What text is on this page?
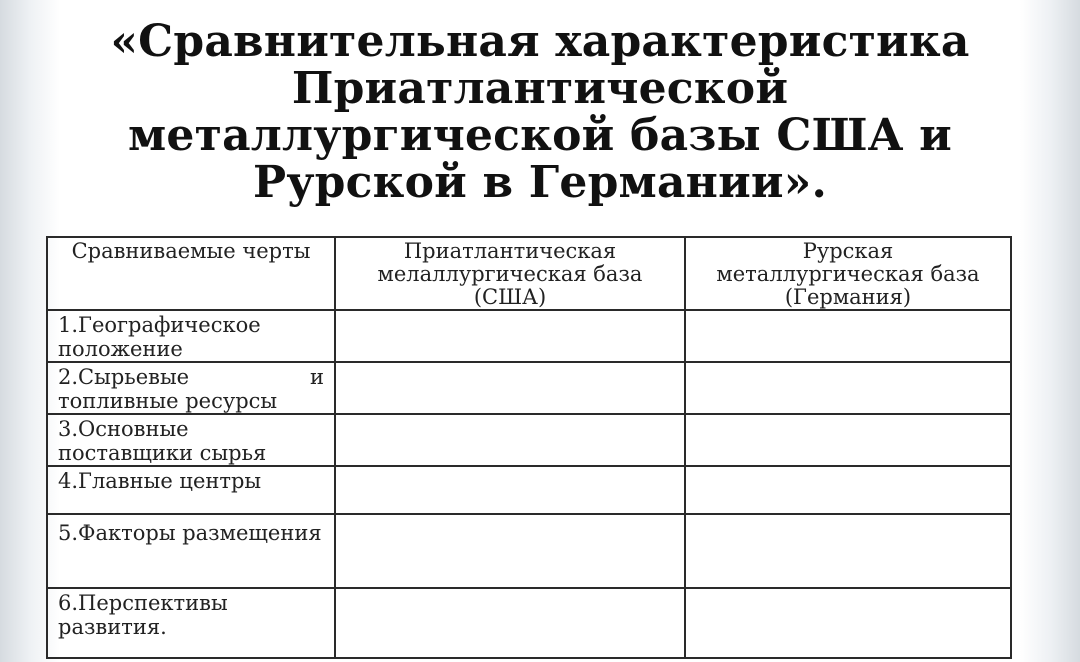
«Сравнительная характеристика Приатлантической металлургической базы США и Рурской в Германии».
Сравниваемые черты	Приатлантическая мелаллургическая база (США)	Рурская металлургическая база (Германия)
1.Географическое положение		

2.Сырьевые и
топливные ресурсы		

3.Основные поставщики сырья		
4.Главные центры		
5.Факторы размещения		
6.Перспективы развития.		
